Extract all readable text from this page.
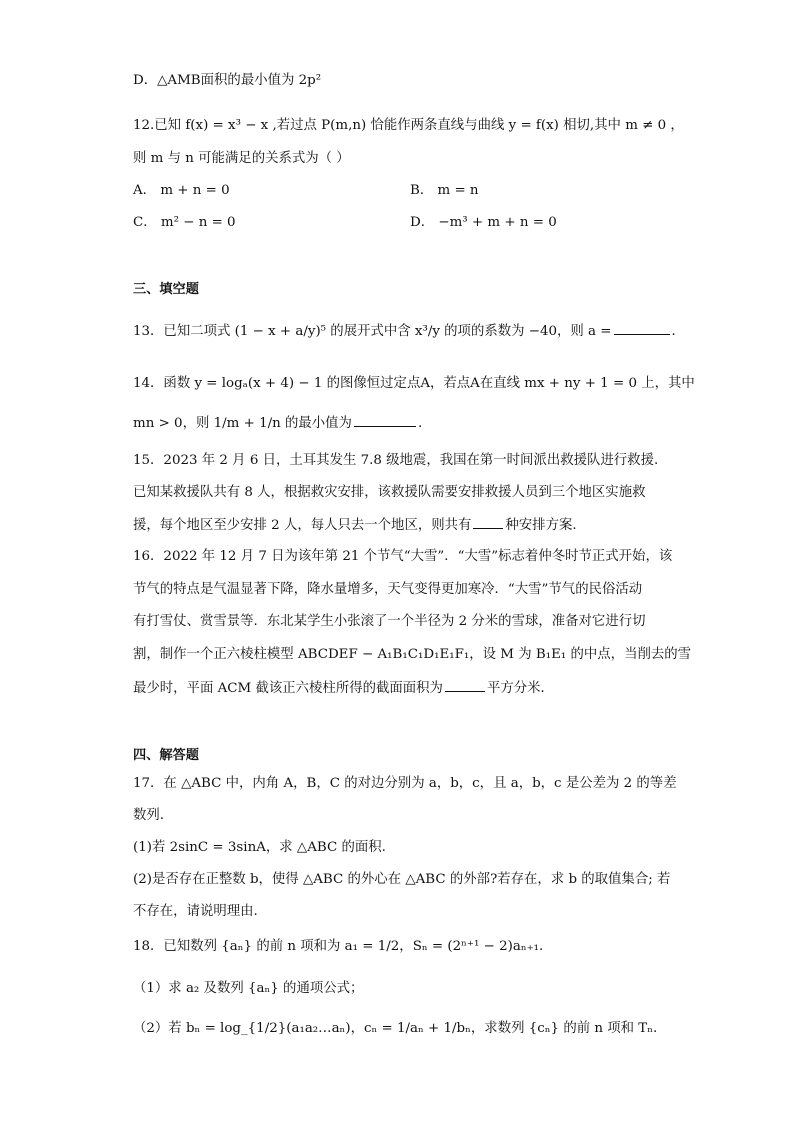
D．△AMB面积的最小值为 2p²
12.已知 f(x) = x³ − x ,若过点 P(m,n) 恰能作两条直线与曲线 y = f(x) 相切,其中 m ≠ 0 ，
则 m 与 n 可能满足的关系式为（ ）
A． m + n = 0	B． m = n
C． m² − n = 0	D． −m³ + m + n = 0
三、填空题
13．已知二项式 (1 − x + a/y)⁵ 的展开式中含 x³/y 的项的系数为 −40，则 a =	．
14．函数 y = logₐ(x + 4) − 1 的图像恒过定点A，若点A在直线 mx + ny + 1 = 0 上，其中
mn > 0，则 1/m + 1/n 的最小值为	.
15．2023 年 2 月 6 日，土耳其发生 7.8 级地震，我国在第一时间派出救援队进行救援.
已知某救援队共有 8 人，根据救灾安排，该救援队需要安排救援人员到三个地区实施救
援，每个地区至少安排 2 人，每人只去一个地区，则共有	种安排方案.
16．2022 年 12 月 7 日为该年第 21 个节气“大雪”．“大雪”标志着仲冬时节正式开始，该
节气的特点是气温显著下降，降水量增多，天气变得更加寒冷．“大雪”节气的民俗活动
有打雪仗、赏雪景等．东北某学生小张滚了一个半径为 2 分米的雪球，准备对它进行切
割，制作一个正六棱柱模型 ABCDEF − A₁B₁C₁D₁E₁F₁，设 M 为 B₁E₁ 的中点，当削去的雪
最少时，平面 ACM 截该正六棱柱所得的截面面积为	平方分米．
四、解答题
17．在 △ABC 中，内角 A，B，C 的对边分别为 a，b，c，且 a，b，c 是公差为 2 的等差
数列.
(1)若 2sinC = 3sinA，求 △ABC 的面积.
(2)是否存在正整数 b，使得 △ABC 的外心在 △ABC 的外部?若存在，求 b 的取值集合; 若
不存在，请说明理由.
18．已知数列 {aₙ} 的前 n 项和为 a₁ = 1/2，Sₙ = (2ⁿ⁺¹ − 2)aₙ₊₁.
（1）求 a₂ 及数列 {aₙ} 的通项公式；
（2）若 bₙ = log_{1/2}(a₁a₂…aₙ)，cₙ = 1/aₙ + 1/bₙ，求数列 {cₙ} 的前 n 项和 Tₙ.
